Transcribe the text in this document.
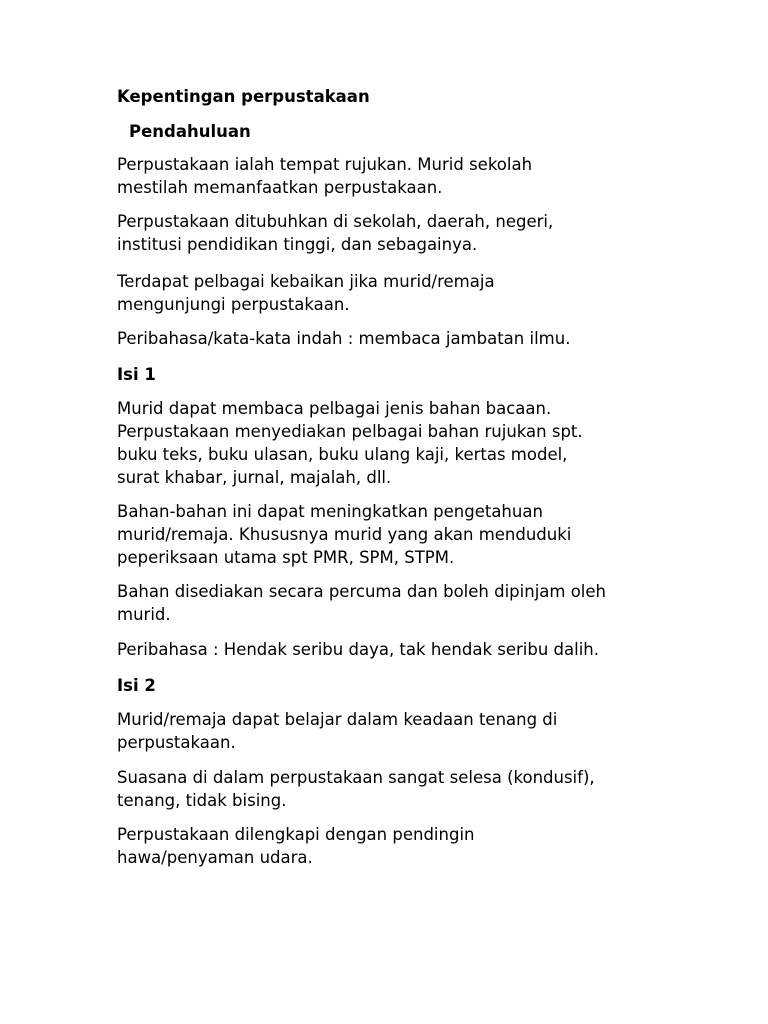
Kepentingan perpustakaan
Pendahuluan

Perpustakaan ialah tempat rujukan. Murid sekolah

mestilah memanfaatkan perpustakaan.

Perpustakaan ditubuhkan di sekolah, daerah, negeri,

institusi pendidikan tinggi, dan sebagainya.

Terdapat pelbagai kebaikan jika murid/remaja

mengunjungi perpustakaan.

Peribahasa/kata-kata indah : membaca jambatan ilmu.

Isi 1

Murid dapat membaca pelbagai jenis bahan bacaan.

Perpustakaan menyediakan pelbagai bahan rujukan spt.

buku teks, buku ulasan, buku ulang kaji, kertas model,

surat khabar, jurnal, majalah, dll.

Bahan-bahan ini dapat meningkatkan pengetahuan

murid/remaja. Khususnya murid yang akan menduduki

peperiksaan utama spt PMR, SPM, STPM.

Bahan disediakan secara percuma dan boleh dipinjam oleh

murid.

Peribahasa : Hendak seribu daya, tak hendak seribu dalih.

Isi 2

Murid/remaja dapat belajar dalam keadaan tenang di

perpustakaan.

Suasana di dalam perpustakaan sangat selesa (kondusif),

tenang, tidak bising.

Perpustakaan dilengkapi dengan pendingin

hawa/penyaman udara.
